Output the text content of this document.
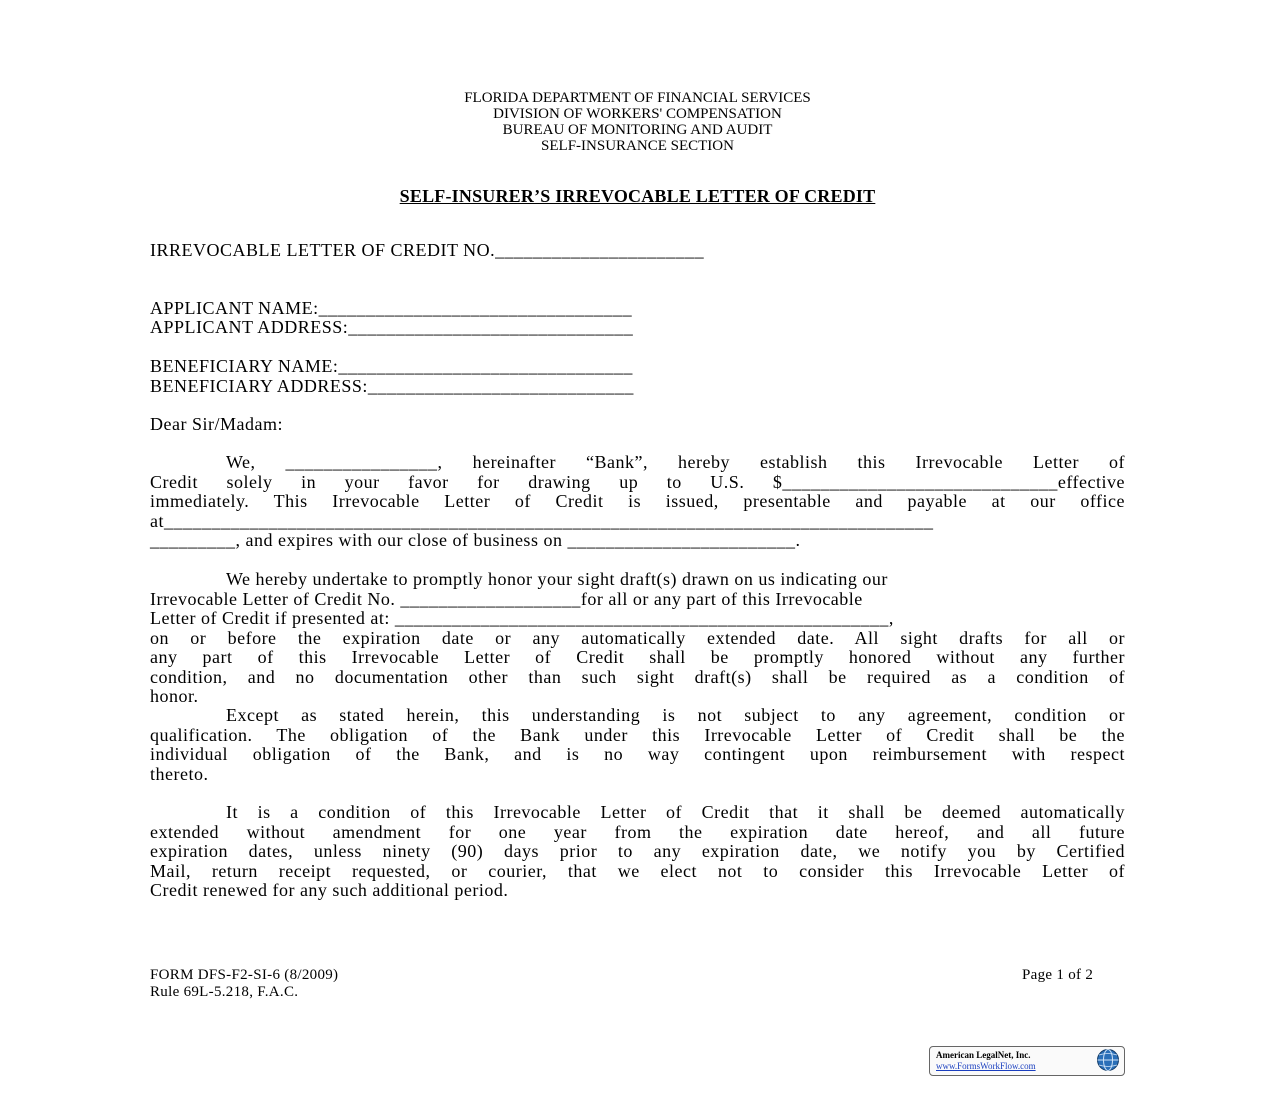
FLORIDA DEPARTMENT OF FINANCIAL SERVICES
DIVISION OF WORKERS' COMPENSATION
BUREAU OF MONITORING AND AUDIT
SELF-INSURANCE SECTION
SELF-INSURER’S IRREVOCABLE LETTER OF CREDIT
IRREVOCABLE LETTER OF CREDIT NO.______________________
APPLICANT NAME:_________________________________
APPLICANT ADDRESS:______________________________
BENEFICIARY NAME:_______________________________
BENEFICIARY ADDRESS:____________________________
Dear Sir/Madam:
We, ________________, hereinafter “Bank”, hereby establish this Irrevocable Letter of
Credit solely in your favor for drawing up to U.S. $_____________________________effective
immediately. This Irrevocable Letter of Credit is issued, presentable and payable at our office
at_________________________________________________________________________________
_________, and expires with our close of business on ________________________.
We hereby undertake to promptly honor your sight draft(s) drawn on us indicating our
Irrevocable Letter of Credit No. ___________________for all or any part of this Irrevocable
Letter of Credit if presented at: ____________________________________________________,
on or before the expiration date or any automatically extended date. All sight drafts for all or
any part of this Irrevocable Letter of Credit shall be promptly honored without any further
condition, and no documentation other than such sight draft(s) shall be required as a condition of
honor.
Except as stated herein, this understanding is not subject to any agreement, condition or
qualification. The obligation of the Bank under this Irrevocable Letter of Credit shall be the
individual obligation of the Bank, and is no way contingent upon reimbursement with respect
thereto.
It is a condition of this Irrevocable Letter of Credit that it shall be deemed automatically
extended without amendment for one year from the expiration date hereof, and all future
expiration dates, unless ninety (90) days prior to any expiration date, we notify you by Certified
Mail, return receipt requested, or courier, that we elect not to consider this Irrevocable Letter of
Credit renewed for any such additional period.
FORM DFS-F2-SI-6 (8/2009)
Rule 69L-5.218, F.A.C.
Page 1 of 2
American LegalNet, Inc.
www.FormsWorkFlow.com
